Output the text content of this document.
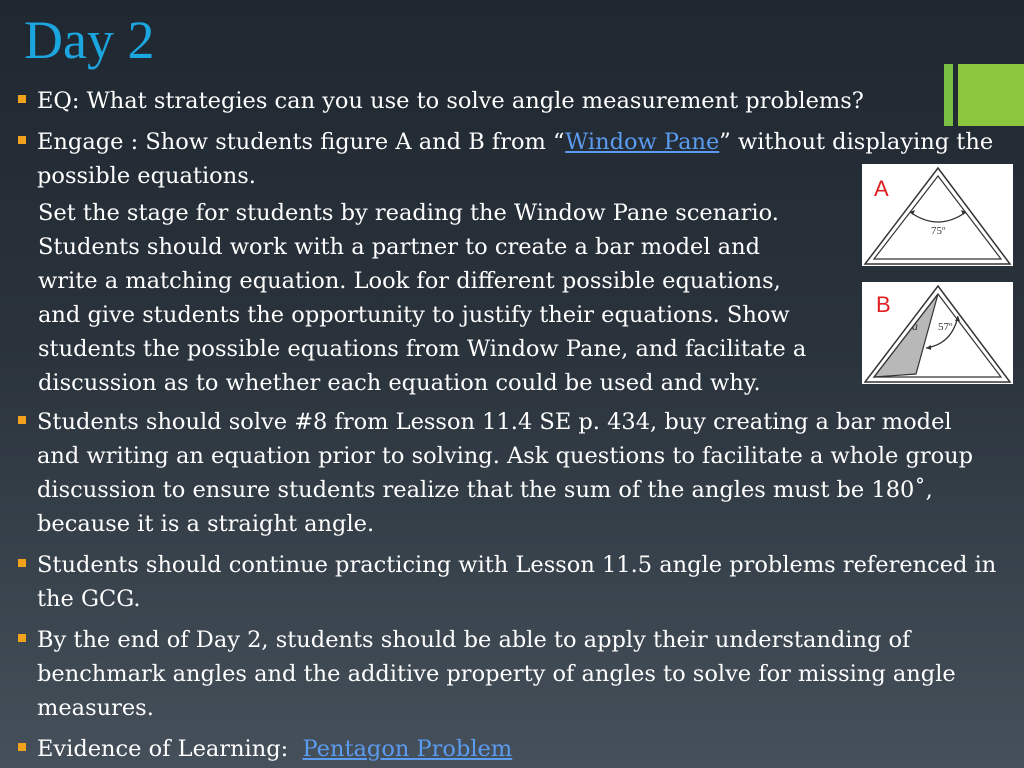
Day 2
EQ: What strategies can you use to solve angle measurement problems?
Engage : Show students figure A and B from “Window Pane” without displaying the possible equations.
Set the stage for students by reading the Window Pane scenario.
Students should work with a partner to create a bar model and
write a matching equation. Look for different possible equations,
and give students the opportunity to justify their equations. Show
students the possible equations from Window Pane, and facilitate a
discussion as to whether each equation could be used and why.
A
75º
B
a 57º
Students should solve #8 from Lesson 11.4 SE p. 434, buy creating a bar model and writing an equation prior to solving. Ask questions to facilitate a whole group discussion to ensure students realize that the sum of the angles must be 180˚, because it is a straight angle.
Students should continue practicing with Lesson 11.5 angle problems referenced in the GCG.
By the end of Day 2, students should be able to apply their understanding of benchmark angles and the additive property of angles to solve for missing angle measures.
Evidence of Learning:  Pentagon Problem
